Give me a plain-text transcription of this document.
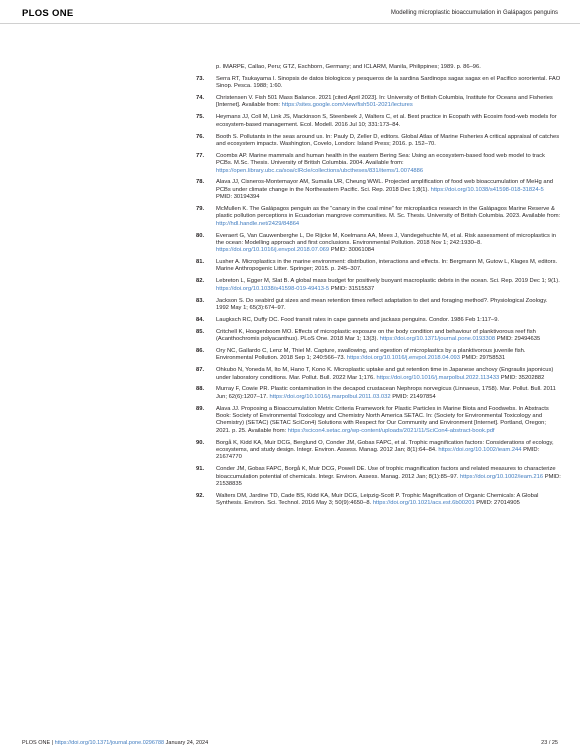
PLOS ONE	Modelling microplastic bioaccumulation in Galápagos penguins
p. IMARPE, Callao, Peru; GTZ, Eschborn, Germany; and ICLARM, Manila, Philippines; 1989. p. 86–96.
73. Serra RT, Tsukayama I. Sinopsis de datos biologicos y pesqueros de la sardina Sardinops sagax sagax en el Pacifico sororiental. FAO Sinop. Pesca. 1988; 1:60.
74. Christensen V. Fish 501 Mass Balance. 2021 [cited April 2023]. In: University of British Columbia, Institute for Oceans and Fisheries [Internet]. Available from: https://sites.google.com/view/fish501-2021/lectures
75. Heymans JJ, Coll M, Link JS, Mackinson S, Steenbeek J, Walters C, et al. Best practice in Ecopath with Ecosim food-web models for ecosystem-based management. Ecol. Modell. 2016 Jul 10; 331:173–84.
76. Booth S. Pollutants in the seas around us. In: Pauly D, Zeller D, editors. Global Atlas of Marine Fisheries A critical appraisal of catches and ecosystem impacts. Washington, Covelo, London: Island Press; 2016. p. 152–70.
77. Coombs AP. Marine mammals and human health in the eastern Bering Sea: Using an ecosystem-based food web model to track PCBs. M.Sc. Thesis. University of British Columbia. 2004. Available from: https://open.library.ubc.ca/soa/cIRcle/collections/ubctheses/831/items/1.0074886
78. Alava JJ, Cisneros-Montemayor AM, Sumaila UR, Cheung WWL. Projected amplification of food web bioaccumulation of MeHg and PCBs under climate change in the Northeastern Pacific. Sci. Rep. 2018 Dec 1;8(1). https://doi.org/10.1038/s41598-018-31824-5 PMID: 30194394
79. McMullen K. The Galápagos penguin as the “canary in the coal mine” for microplastics research in the Galápagos Marine Reserve & plastic pollution perceptions in Ecuadorian mangrove communities. M. Sc. Thesis. University of British Columbia. 2023. Available from: http://hdl.handle.net/2429/84864
80. Everaert G, Van Cauwenberghe L, De Rijcke M, Koelmans AA, Mees J, Vandegehuchte M, et al. Risk assessment of microplastics in the ocean: Modelling approach and first conclusions. Environmental Pollution. 2018 Nov 1; 242:1930–8. https://doi.org/10.1016/j.envpol.2018.07.069 PMID: 30061084
81. Lusher A. Microplastics in the marine environment: distribution, interactions and effects. In: Bergmann M, Gutow L, Klages M, editors. Marine Anthropogenic Litter. Springer; 2015. p. 245–307.
82. Lebreton L, Egger M, Slat B. A global mass budget for positively buoyant macroplastic debris in the ocean. Sci. Rep. 2019 Dec 1; 9(1). https://doi.org/10.1038/s41598-019-49413-5 PMID: 31515537
83. Jackson S. Do seabird gut sizes and mean retention times reflect adaptation to diet and foraging method?. Physiological Zoology. 1992 May 1; 65(3):674–97.
84. Laugksch RC, Duffy DC. Food transit rates in cape gannets and jackass penguins. Condor. 1986 Feb 1:117–9.
85. Critchell K, Hoogenboom MO. Effects of microplastic exposure on the body condition and behaviour of planktivorous reef fish (Acanthochromis polyacanthus). PLoS One. 2018 Mar 1; 13(3). https://doi.org/10.1371/journal.pone.0193308 PMID: 29494635
86. Ory NC, Gallardo C, Lenz M, Thiel M. Capture, swallowing, and egestion of microplastics by a planktivorous juvenile fish. Environmental Pollution. 2018 Sep 1; 240:566–73. https://doi.org/10.1016/j.envpol.2018.04.093 PMID: 29758531
87. Ohkubo N, Yoneda M, Ito M, Hano T, Kono K. Microplastic uptake and gut retention time in Japanese anchovy (Engraulis japonicus) under laboratory conditions. Mar. Pollut. Bull. 2022 Mar 1;176. https://doi.org/10.1016/j.marpolbul.2022.113433 PMID: 35202882
88. Murray F, Cowie PR. Plastic contamination in the decapod crustacean Nephrops norvegicus (Linnaeus, 1758). Mar. Pollut. Bull. 2011 Jun; 62(6):1207–17. https://doi.org/10.1016/j.marpolbul.2011.03.032 PMID: 21497854
89. Alava JJ. Proposing a Bioaccumulation Metric Criteria Framework for Plastic Particles in Marine Biota and Foodwebs. In Abstracts Book: Society of Environmental Toxicology and Chemistry North America SETAC. In: (Society for Environmental Toxicology and Chemistry) (SETAC) (SETAC SciCon4) Solutions with Respect for Our Community and Environment [Internet]. Portland, Oregon; 2021. p. 25. Available from: https://scicon4.setac.org/wp-content/uploads/2021/11/SciCon4-abstract-book.pdf
90. Borgå K, Kidd KA, Muir DCG, Berglund O, Conder JM, Gobas FAPC, et al. Trophic magnification factors: Considerations of ecology, ecosystems, and study design. Integr. Environ. Assess. Manag. 2012 Jan; 8(1):64–84. https://doi.org/10.1002/ieam.244 PMID: 21674770
91. Conder JM, Gobas FAPC, Borgå K, Muir DCG, Powell DE. Use of trophic magnification factors and related measures to characterize bioaccumulation potential of chemicals. Integr. Environ. Assess. Manag. 2012 Jan; 8(1):85–97. https://doi.org/10.1002/ieam.216 PMID: 21538835
92. Walters DM, Jardine TD, Cade BS, Kidd KA, Muir DCG, Leipzig-Scott P. Trophic Magnification of Organic Chemicals: A Global Synthesis. Environ. Sci. Technol. 2016 May 3; 50(9):4650–8. https://doi.org/10.1021/acs.est.6b00201 PMID: 27014905
PLOS ONE | https://doi.org/10.1371/journal.pone.0296788 January 24, 2024	23 / 25
